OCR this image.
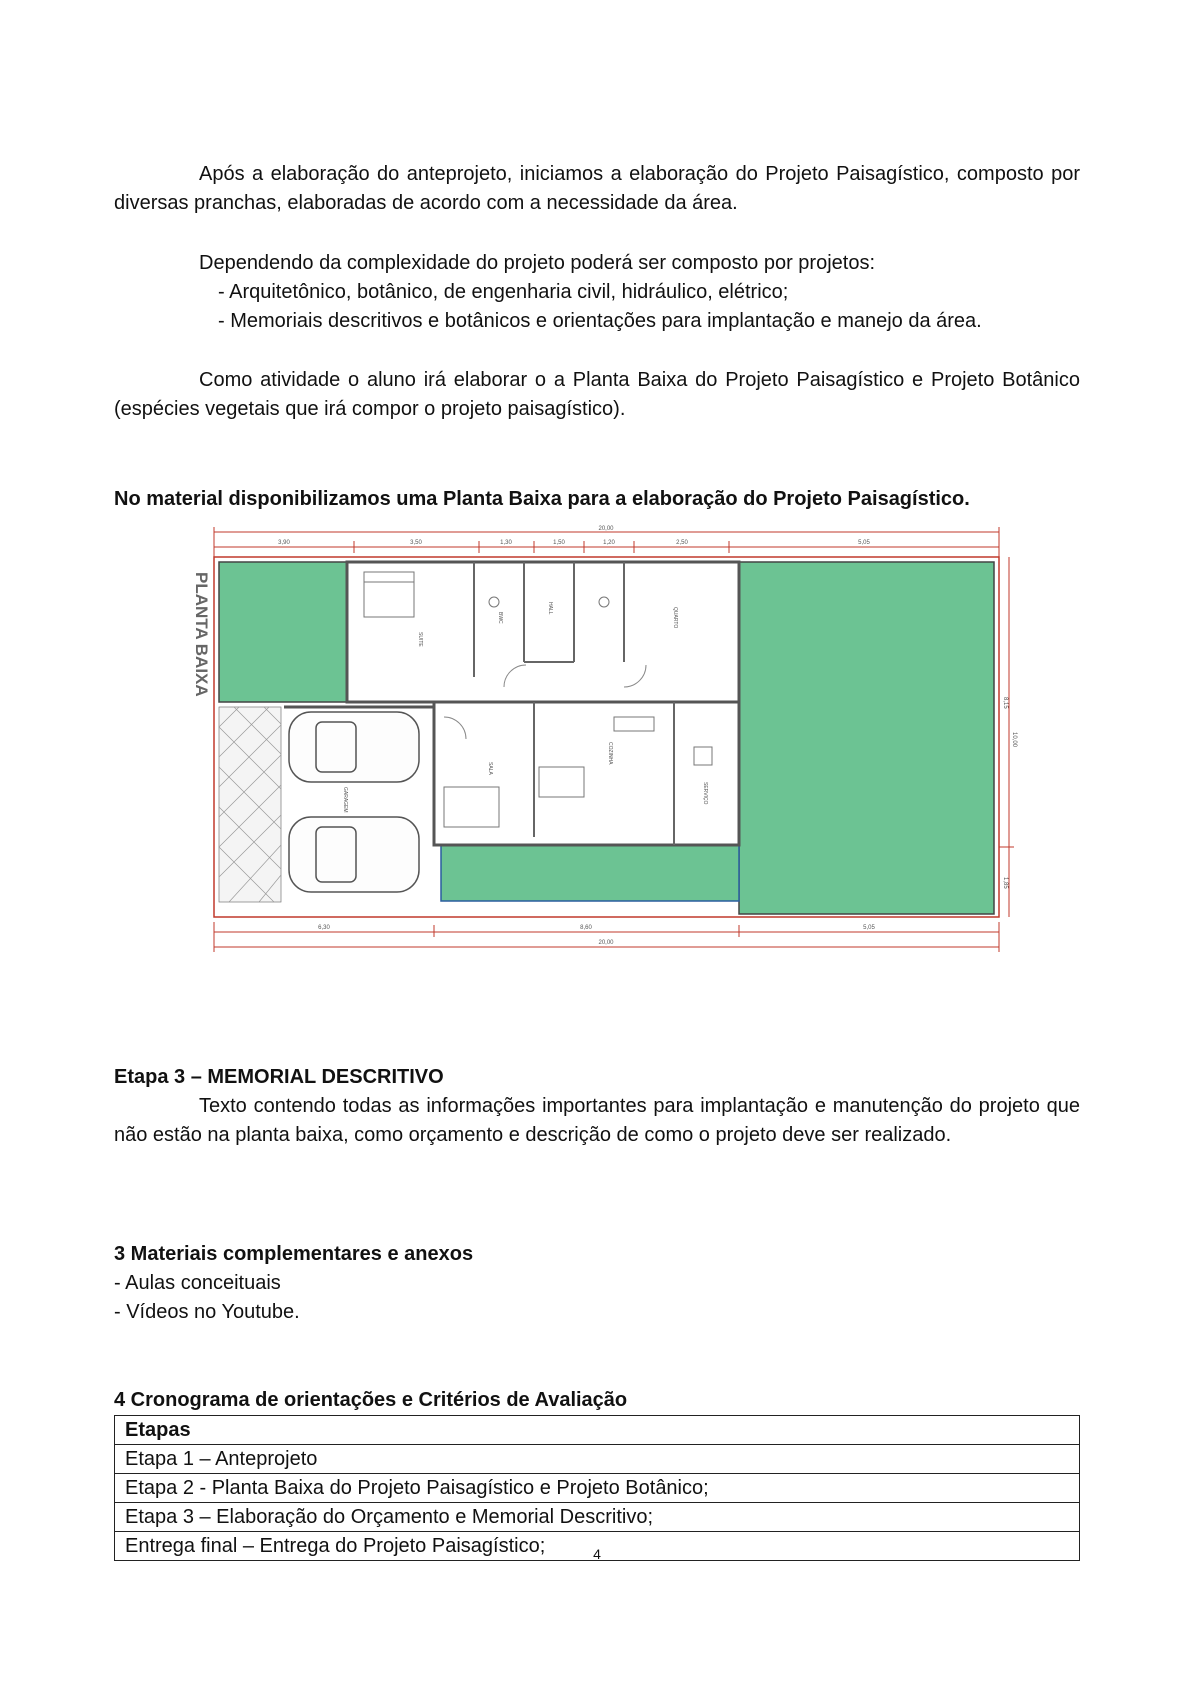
Após a elaboração do anteprojeto, iniciamos a elaboração do Projeto Paisagístico, composto por diversas pranchas, elaboradas de acordo com a necessidade da área.

Dependendo da complexidade do projeto poderá ser composto por projetos:

- Arquitetônico, botânico, de engenharia civil, hidráulico, elétrico;

- Memoriais descritivos e botânicos e orientações para implantação e manejo da área.

Como atividade o aluno irá elaborar o a Planta Baixa do Projeto Paisagístico e Projeto Botânico (espécies vegetais que irá compor o projeto paisagístico).

No material disponibilizamos uma Planta Baixa para a elaboração do Projeto Paisagístico.

20,00
3,90	3,50	1,30	1,50	1,20	2,50	5,05
PLANTA BAIXA
8,15
1,85
10,00
6,30	8,60	5,05
20,00
SUITE
BWC
HALL	QUARTO
SALA
COZINHA
GARAGEM	SERVIÇO

Etapa 3 – MEMORIAL DESCRITIVO

Texto contendo todas as informações importantes para implantação e manutenção do projeto que não estão na planta baixa, como orçamento e descrição de como o projeto deve ser realizado.

3 Materiais complementares e anexos

- Aulas conceituais

- Vídeos no Youtube.

4 Cronograma de orientações e Critérios de Avaliação

Etapas
Etapa 1 – Anteprojeto
Etapa 2 - Planta Baixa do Projeto Paisagístico e Projeto Botânico;
Etapa 3 – Elaboração do Orçamento e Memorial Descritivo;
Entrega final – Entrega do Projeto Paisagístico;	4
